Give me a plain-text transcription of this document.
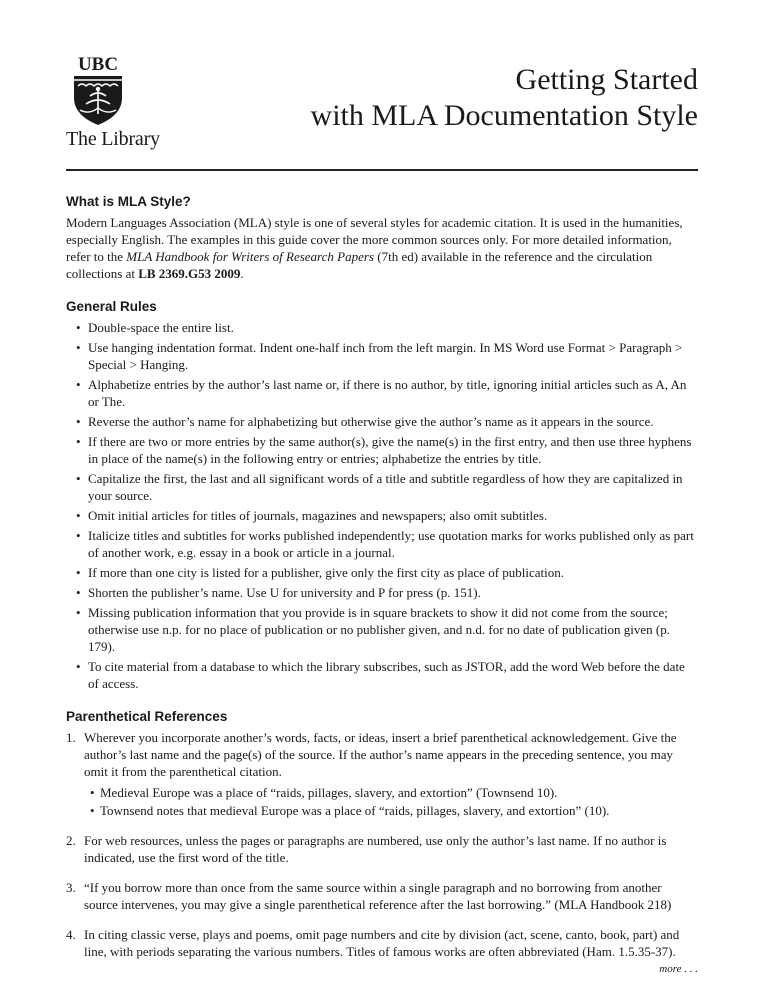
UBC
The Library
Getting Started
with MLA Documentation Style
What is MLA Style?

Modern Languages Association (MLA) style is one of several styles for academic citation. It is used in the humanities, especially English. The examples in this guide cover the more common sources only. For more detailed information, refer to the MLA Handbook for Writers of Research Papers (7th ed) available in the reference and the circulation collections at LB 2369.G53 2009.

General Rules
• Double-space the entire list.
• Use hanging indentation format. Indent one-half inch from the left margin. In MS Word use Format > Paragraph > Special > Hanging.
• Alphabetize entries by the author’s last name or, if there is no author, by title, ignoring initial articles such as A, An or The.
• Reverse the author’s name for alphabetizing but otherwise give the author’s name as it appears in the source.
• If there are two or more entries by the same author(s), give the name(s) in the first entry, and then use three hyphens in place of the name(s) in the following entry or entries; alphabetize the entries by title.
• Capitalize the first, the last and all significant words of a title and subtitle regardless of how they are capitalized in your source.
• Omit initial articles for titles of journals, magazines and newspapers; also omit subtitles.
• Italicize titles and subtitles for works published independently; use quotation marks for works published only as part of another work, e.g. essay in a book or article in a journal.
• If more than one city is listed for a publisher, give only the first city as place of publication.
• Shorten the publisher’s name. Use U for university and P for press (p. 151).
• Missing publication information that you provide is in square brackets to show it did not come from the source; otherwise use n.p. for no place of publication or no publisher given, and n.d. for no date of publication given (p. 179).
• To cite material from a database to which the library subscribes, such as JSTOR, add the word Web before the date of access.
Parenthetical References
1. Wherever you incorporate another’s words, facts, or ideas, insert a brief parenthetical acknowledgement. Give the author’s last name and the page(s) of the source. If the author’s name appears in the preceding sentence, you may omit it from the parenthetical citation.
• Medieval Europe was a place of “raids, pillages, slavery, and extortion” (Townsend 10).
• Townsend notes that medieval Europe was a place of “raids, pillages, slavery, and extortion” (10).
2. For web resources, unless the pages or paragraphs are numbered, use only the author’s last name. If no author is indicated, use the first word of the title.
3. “If you borrow more than once from the same source within a single paragraph and no borrowing from another source intervenes, you may give a single parenthetical reference after the last borrowing.” (MLA Handbook 218)
4. In citing classic verse, plays and poems, omit page numbers and cite by division (act, scene, canto, book, part) and line, with periods separating the various numbers. Titles of famous works are often abbreviated (Ham. 1.5.35-37).
more . . .
